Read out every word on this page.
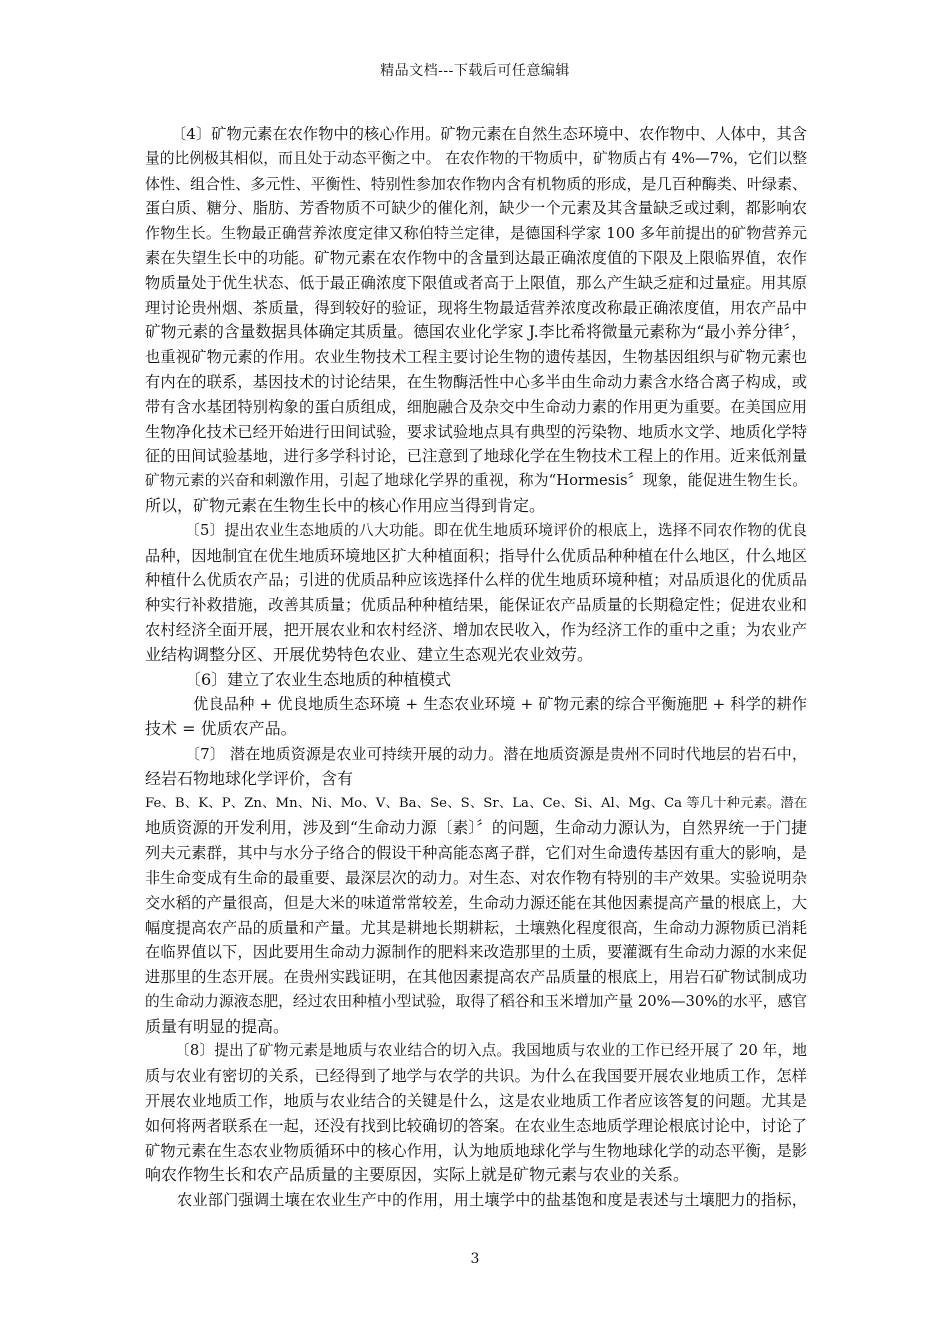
精品文档---下载后可任意编辑
〔4〕矿物元素在农作物中的核心作用。矿物元素在自然生态环境中、农作物中、人体中，其含
量的比例极其相似，而且处于动态平衡之中。 在农作物的干物质中，矿物质占有 4%—7%，它们以整
体性、组合性、多元性、平衡性、特别性参加农作物内含有机物质的形成，是几百种酶类、叶绿素、
蛋白质、糖分、脂肪、芳香物质不可缺少的催化剂，缺少一个元素及其含量缺乏或过剩，都影响农
作物生长。生物最正确营养浓度定律又称伯特兰定律，是德国科学家 100 多年前提出的矿物营养元
素在失望生长中的功能。矿物元素在农作物中的含量到达最正确浓度值的下限及上限临界值，农作
物质量处于优生状态、低于最正确浓度下限值或者高于上限值，那么产生缺乏症和过量症。用其原
理讨论贵州烟、茶质量，得到较好的验证，现将生物最适营养浓度改称最正确浓度值，用农产品中
矿物元素的含量数据具体确定其质量。德国农业化学家 J.李比希将微量元素称为“最小养分律〞，
也重视矿物元素的作用。农业生物技术工程主要讨论生物的遗传基因，生物基因组织与矿物元素也
有内在的联系，基因技术的讨论结果，在生物酶活性中心多半由生命动力素含水络合离子构成，或
带有含水基团特别构象的蛋白质组成，细胞融合及杂交中生命动力素的作用更为重要。在美国应用
生物净化技术已经开始进行田间试验，要求试验地点具有典型的污染物、地质水文学、地质化学特
征的田间试验基地，进行多学科讨论，已注意到了地球化学在生物技术工程上的作用。近来低剂量
矿物元素的兴奋和刺激作用，引起了地球化学界的重视，称为“Hormesis〞现象，能促进生物生长。
所以，矿物元素在生物生长中的核心作用应当得到肯定。
〔5〕提出农业生态地质的八大功能。即在优生地质环境评价的根底上，选择不同农作物的优良
品种，因地制宜在优生地质环境地区扩大种植面积；指导什么优质品种种植在什么地区，什么地区
种植什么优质农产品；引进的优质品种应该选择什么样的优生地质环境种植；对品质退化的优质品
种实行补救措施，改善其质量；优质品种种植结果，能保证农产品质量的长期稳定性；促进农业和
农村经济全面开展，把开展农业和农村经济、增加农民收入，作为经济工作的重中之重；为农业产
业结构调整分区、开展优势特色农业、建立生态观光农业效劳。
〔6〕建立了农业生态地质的种植模式
优良品种 + 优良地质生态环境 + 生态农业环境 + 矿物元素的综合平衡施肥 + 科学的耕作
技术 = 优质农产品。
〔7〕 潜在地质资源是农业可持续开展的动力。潜在地质资源是贵州不同时代地层的岩石中，
经岩石物地球化学评价，含有
Fe、B、K、P、Zn、Mn、Ni、Mo、V、Ba、Se、S、Sr、La、Ce、Si、Al、Mg、Ca 等几十种元素。潜在
地质资源的开发利用，涉及到“生命动力源〔素〕〞的问题，生命动力源认为，自然界统一于门捷
列夫元素群，其中与水分子络合的假设干种高能态离子群，它们对生命遗传基因有重大的影响，是
非生命变成有生命的最重要、最深层次的动力。对生态、对农作物有特别的丰产效果。实验说明杂
交水稻的产量很高，但是大米的味道常常较差，生命动力源还能在其他因素提高产量的根底上，大
幅度提高农产品的质量和产量。尤其是耕地长期耕耘，土壤熟化程度很高，生命动力源物质已消耗
在临界值以下，因此要用生命动力源制作的肥料来改造那里的土质，要灌溉有生命动力源的水来促
进那里的生态开展。在贵州实践证明，在其他因素提高农产品质量的根底上，用岩石矿物试制成功
的生命动力源液态肥，经过农田种植小型试验，取得了稻谷和玉米增加产量 20%—30%的水平，感官
质量有明显的提高。
〔8〕提出了矿物元素是地质与农业结合的切入点。我国地质与农业的工作已经开展了 20 年，地
质与农业有密切的关系，已经得到了地学与农学的共识。为什么在我国要开展农业地质工作，怎样
开展农业地质工作，地质与农业结合的关键是什么，这是农业地质工作者应该答复的问题。尤其是
如何将两者联系在一起，还没有找到比较确切的答案。在农业生态地质学理论根底讨论中，讨论了
矿物元素在生态农业物质循环中的核心作用，认为地质地球化学与生物地球化学的动态平衡，是影
响农作物生长和农产品质量的主要原因，实际上就是矿物元素与农业的关系。
农业部门强调土壤在农业生产中的作用，用土壤学中的盐基饱和度是表述与土壤肥力的指标，
3
